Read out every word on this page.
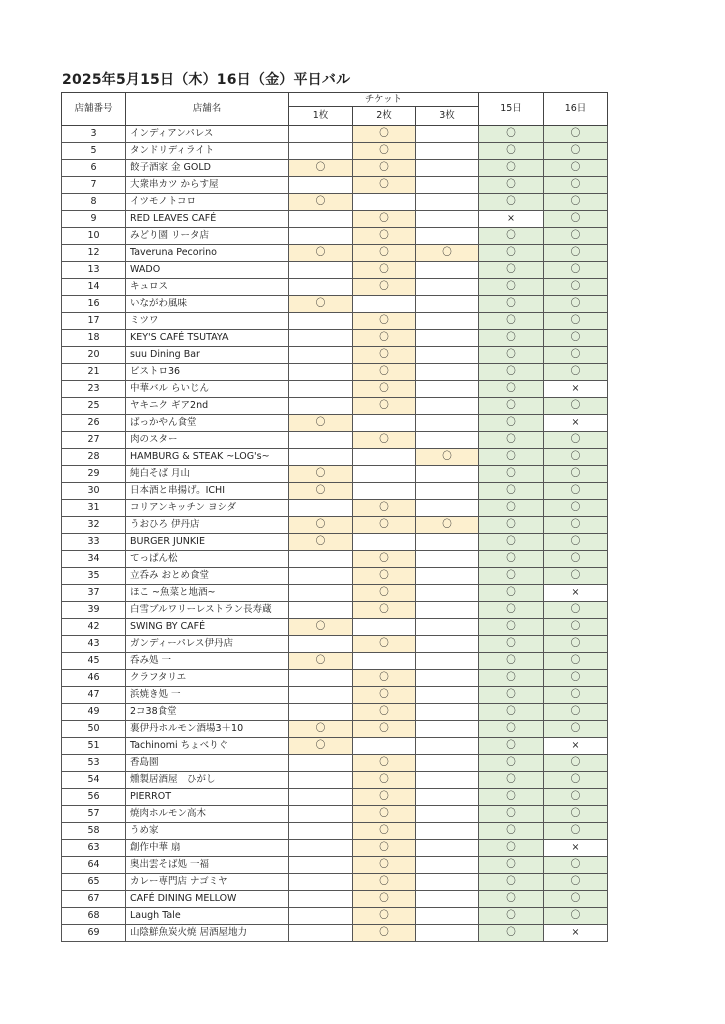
2025年5月15日（木）16日（金）平日バル
店舗番号	店舗名	チケット			15日	16日
		1枚	2枚	3枚		
3	インディアンパレス		〇		〇	〇
5	タンドリディライト		〇		〇	〇
6	餃子酒家 金 GOLD	〇	〇		〇	〇
7	大衆串カツ からす屋		〇		〇	〇
8	イツモノトコロ	〇			〇	〇
9	RED LEAVES CAFÉ		〇		×	〇
10	みどり園 リータ店		〇		〇	〇
12	Taveruna Pecorino	〇	〇	〇	〇	〇
13	WADO		〇		〇	〇
14	キュロス		〇		〇	〇
16	いながわ風味	〇			〇	〇
17	ミツワ		〇		〇	〇
18	KEY'S CAFÉ TSUTAYA		〇		〇	〇
20	suu Dining Bar		〇		〇	〇
21	ビストロ36		〇		〇	〇
23	中華バル らいじん		〇		〇	×
25	ヤキニク ギア2nd		〇		〇	〇
26	ばっかやん食堂	〇			〇	×
27	肉のスター		〇		〇	〇
28	HAMBURG & STEAK ~LOG's~			〇	〇	〇
29	純白そば 月山	〇			〇	〇
30	日本酒と串揚げ。ICHI	〇			〇	〇
31	コリアンキッチン ヨシダ		〇		〇	〇
32	うおひろ 伊丹店	〇	〇	〇	〇	〇
33	BURGER JUNKIE	〇			〇	〇
34	てっぱん松		〇		〇	〇
35	立呑み おとめ食堂		〇		〇	〇
37	ほこ ~魚菜と地酒~		〇		〇	×
39	白雪ブルワリーレストラン長寿蔵		〇		〇	〇
42	SWING BY CAFÉ	〇			〇	〇
43	ガンディーパレス伊丹店		〇		〇	〇
45	呑み処 一	〇			〇	〇
46	クラフタリエ		〇		〇	〇
47	浜焼き処 一		〇		〇	〇
49	2コ38食堂		〇		〇	〇
50	裏伊丹ホルモン酒場3＋10	〇	〇		〇	〇
51	Tachinomi ちょべりぐ	〇			〇	×
53	香島園		〇		〇	〇
54	燻製居酒屋　ひがし		〇		〇	〇
56	PIERROT		〇		〇	〇
57	焼肉ホルモン高木		〇		〇	〇
58	うめ家		〇		〇	〇
63	創作中華 扇		〇		〇	×
64	奥出雲そば処 一福		〇		〇	〇
65	カレー専門店 ナゴミヤ		〇		〇	〇
67	CAFÉ DINING MELLOW		〇		〇	〇
68	Laugh Tale		〇		〇	〇
69	山陰鮮魚炭火焼 居酒屋地力		〇		〇	×
